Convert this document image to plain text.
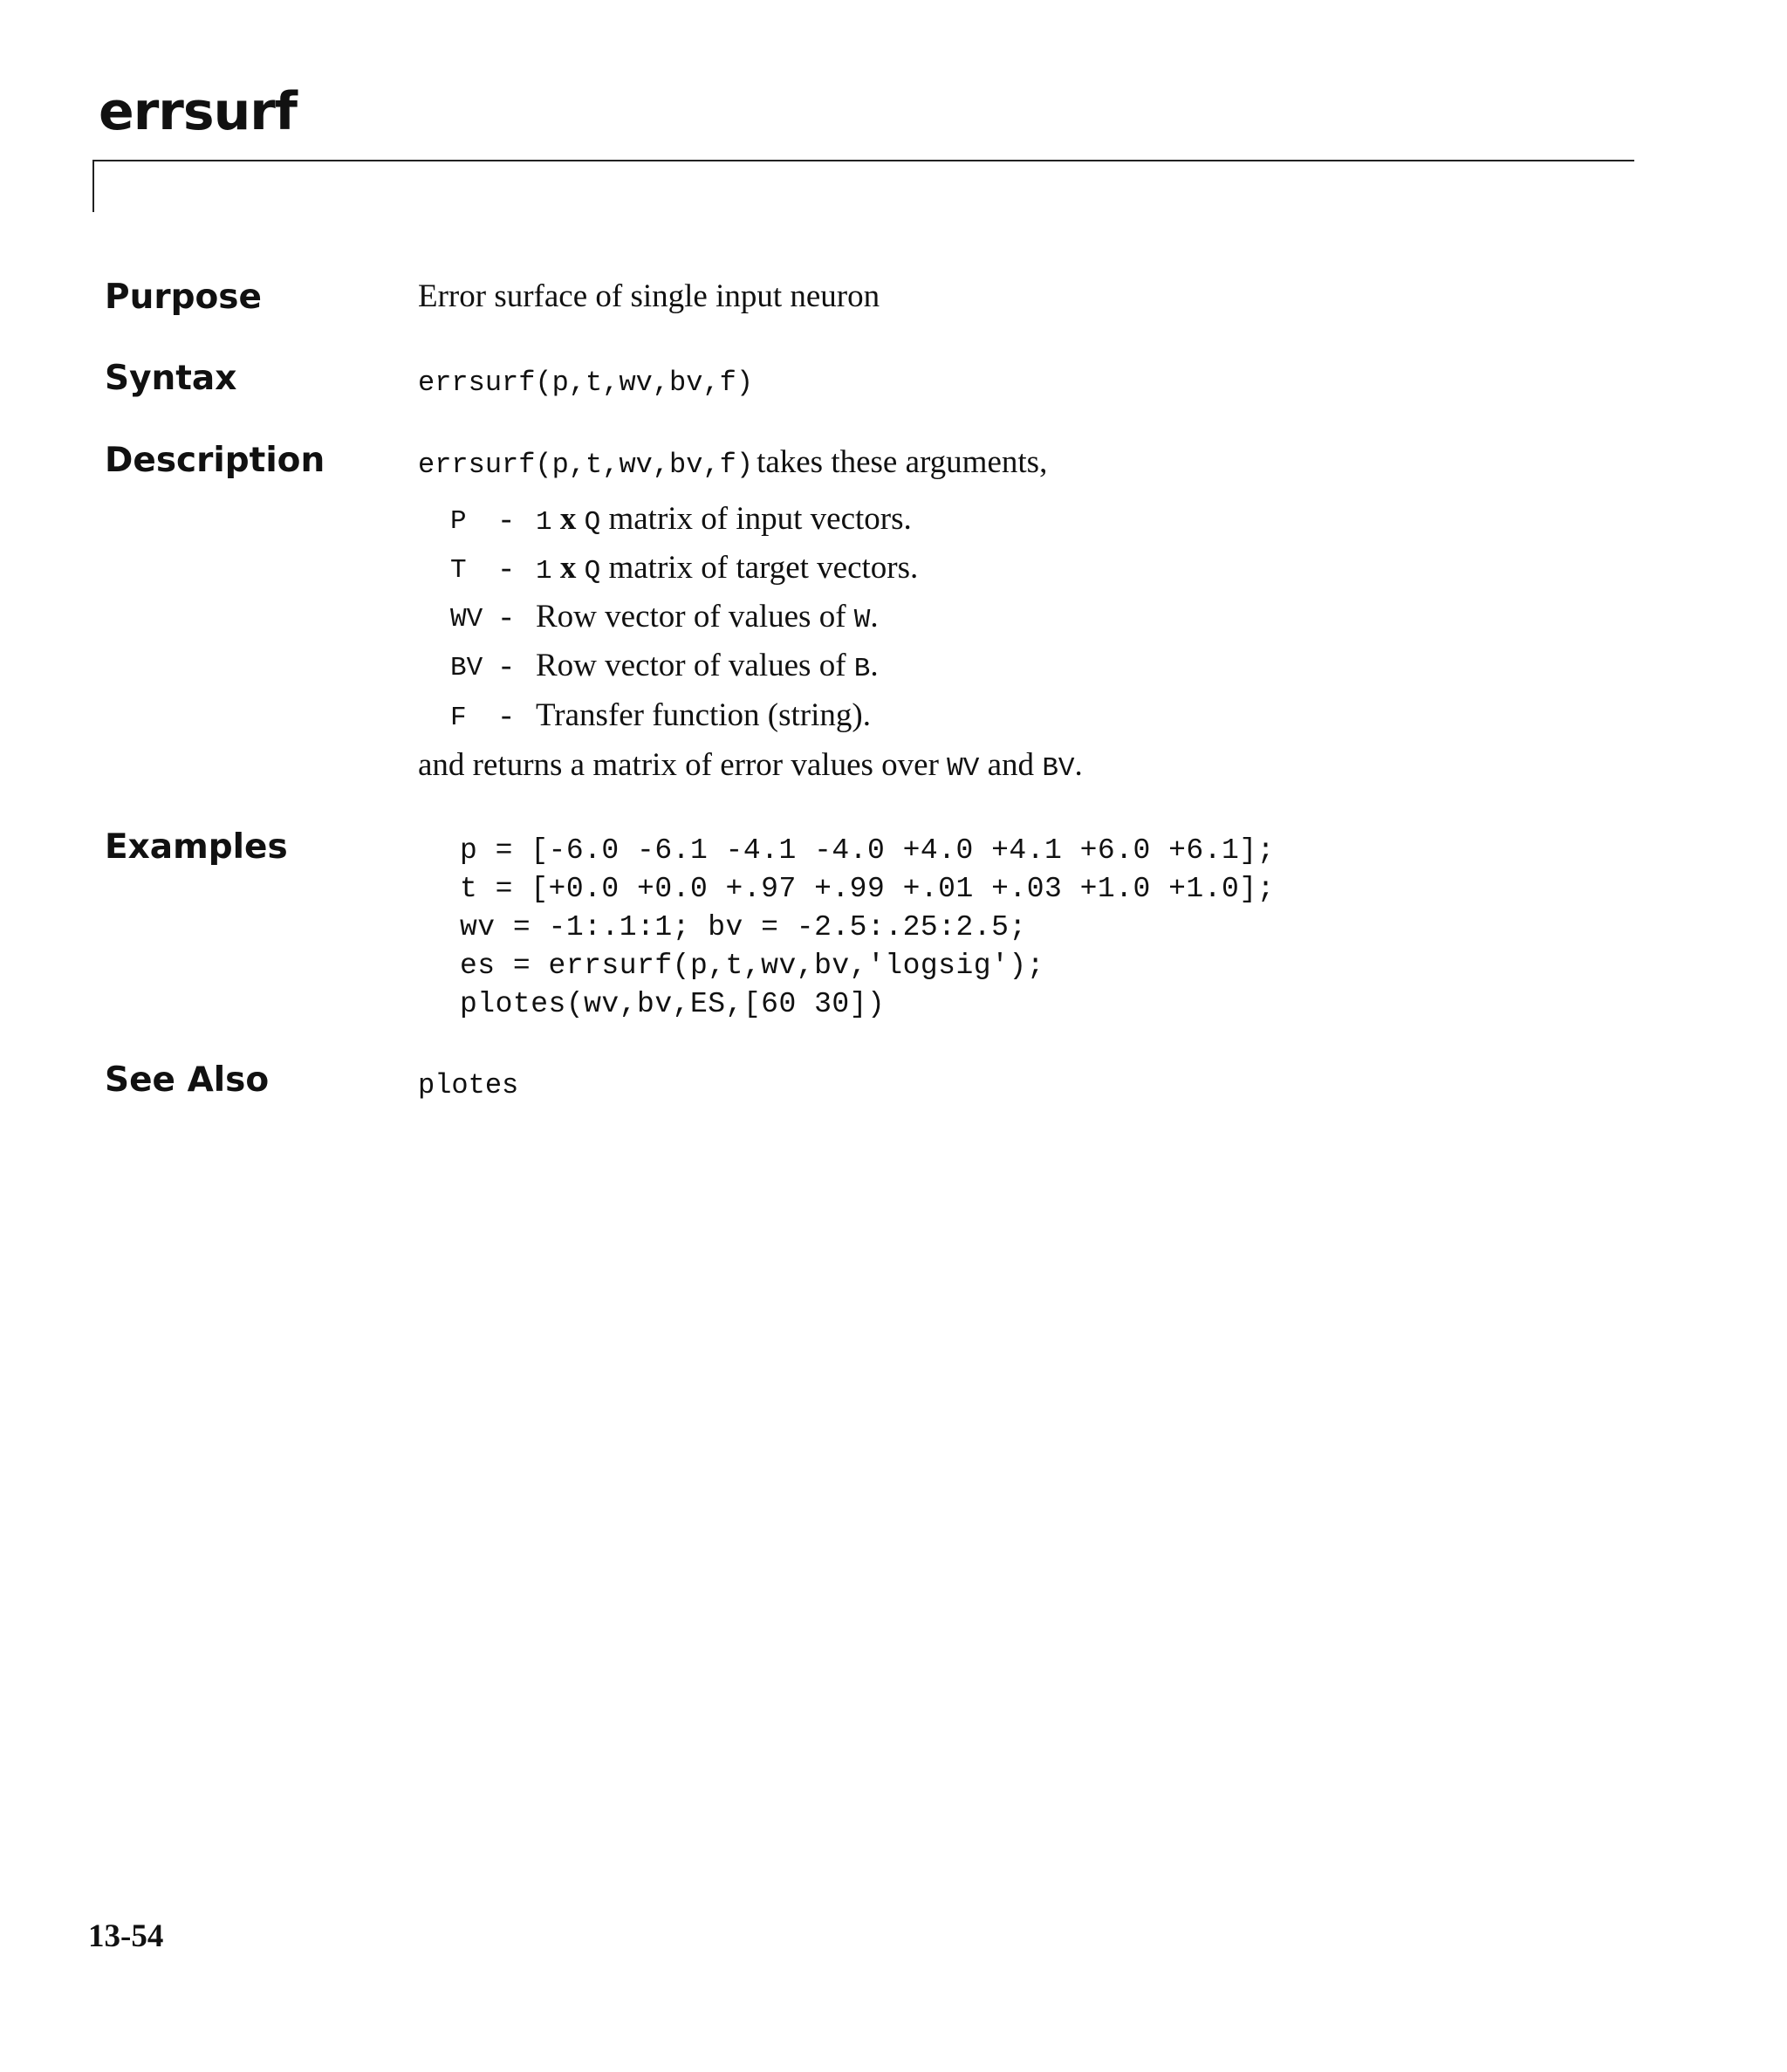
errsurf
Purpose	Error surface of single input neuron
Syntax	errsurf(p,t,wv,bv,f)
Description	errsurf(p,t,wv,bv,f) takes these arguments,
P - 1 x Q matrix of input vectors.
T - 1 x Q matrix of target vectors.
WV - Row vector of values of W.
BV - Row vector of values of B.
F - Transfer function (string).
and returns a matrix of error values over WV and BV.
Examples	p = [-6.0 -6.1 -4.1 -4.0 +4.0 +4.1 +6.0 +6.1];
t = [+0.0 +0.0 +.97 +.99 +.01 +.03 +1.0 +1.0];
wv = -1:.1:1; bv = -2.5:.25:2.5;
es = errsurf(p,t,wv,bv,'logsig');
plotes(wv,bv,ES,[60 30])
See Also	plotes
13-54
